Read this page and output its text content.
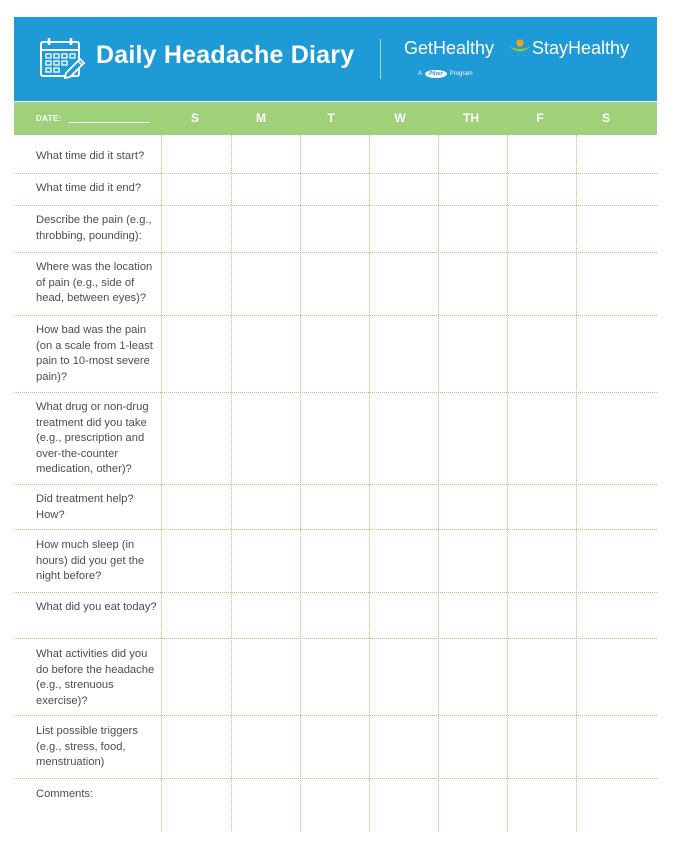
Daily Headache Diary	GetHealthy StayHealthy
A	Pfizer	Program
DATE:	S	M	T	W	TH	F	S
What time did it start?
What time did it end?
Describe the pain (e.g., throbbing, pounding):
Where was the location of pain (e.g., side of head, between eyes)?
How bad was the pain (on a scale from 1-least pain to 10-most severe pain)?
What drug or non-drug treatment did you take (e.g., prescription and over-the-counter medication, other)?
Did treatment help? How?
How much sleep (in hours) did you get the night before?
What did you eat today?
What activities did you do before the headache (e.g., strenuous exercise)?
List possible triggers (e.g., stress, food, menstruation)
Comments:
